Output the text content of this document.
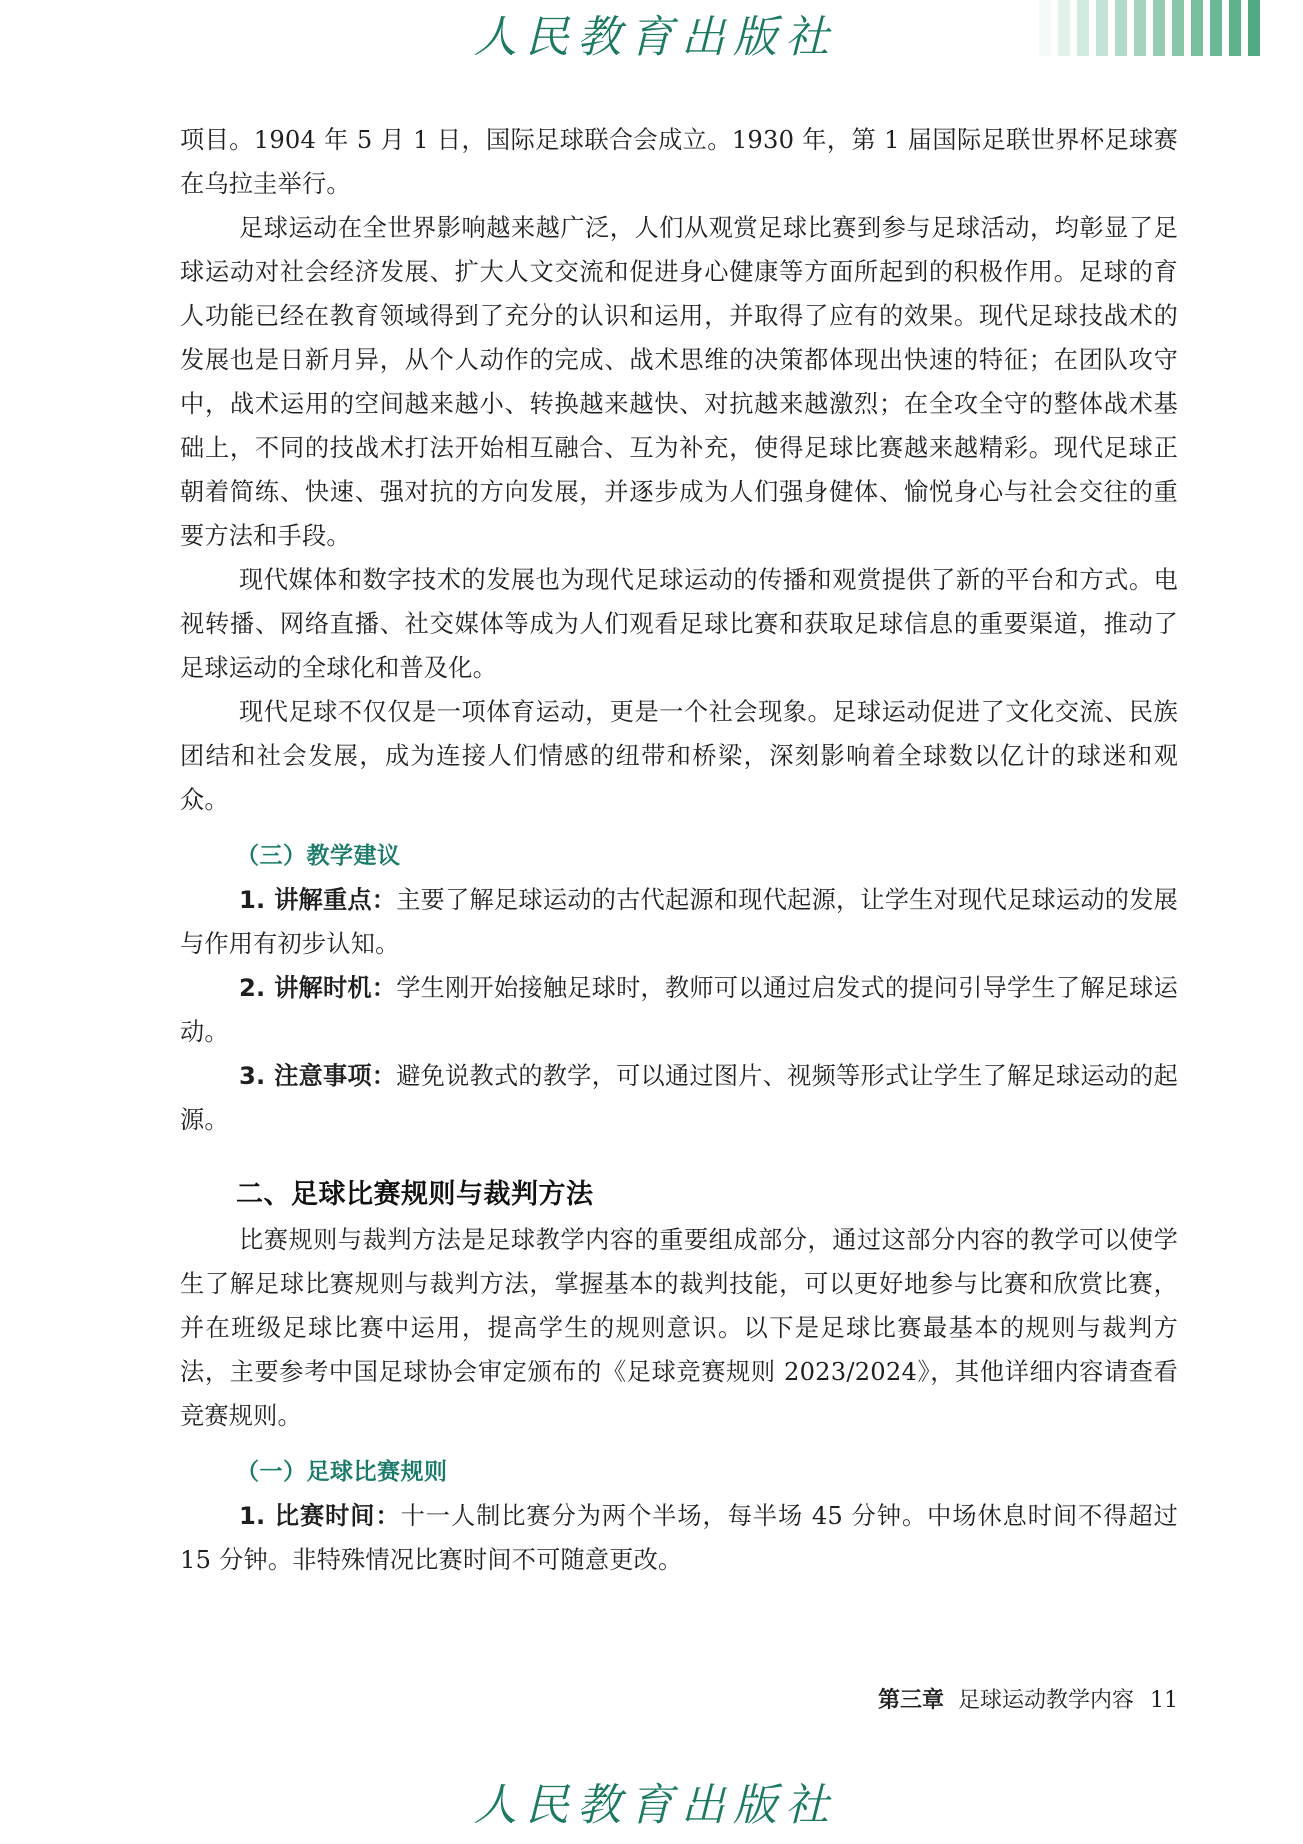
人民教育出版社

项目。1904 年 5 月 1 日，国际足球联合会成立。1930 年，第 1 届国际足联世界杯足球赛在乌拉圭举行。

足球运动在全世界影响越来越广泛，人们从观赏足球比赛到参与足球活动，均彰显了足球运动对社会经济发展、扩大人文交流和促进身心健康等方面所起到的积极作用。足球的育人功能已经在教育领域得到了充分的认识和运用，并取得了应有的效果。现代足球技战术的发展也是日新月异，从个人动作的完成、战术思维的决策都体现出快速的特征；在团队攻守中，战术运用的空间越来越小、转换越来越快、对抗越来越激烈；在全攻全守的整体战术基础上，不同的技战术打法开始相互融合、互为补充，使得足球比赛越来越精彩。现代足球正朝着简练、快速、强对抗的方向发展，并逐步成为人们强身健体、愉悦身心与社会交往的重要方法和手段。

现代媒体和数字技术的发展也为现代足球运动的传播和观赏提供了新的平台和方式。电视转播、网络直播、社交媒体等成为人们观看足球比赛和获取足球信息的重要渠道，推动了足球运动的全球化和普及化。

现代足球不仅仅是一项体育运动，更是一个社会现象。足球运动促进了文化交流、民族团结和社会发展，成为连接人们情感的纽带和桥梁，深刻影响着全球数以亿计的球迷和观众。

（三）教学建议

1. 讲解重点：主要了解足球运动的古代起源和现代起源，让学生对现代足球运动的发展与作用有初步认知。

2. 讲解时机：学生刚开始接触足球时，教师可以通过启发式的提问引导学生了解足球运动。

3. 注意事项：避免说教式的教学，可以通过图片、视频等形式让学生了解足球运动的起源。

二、足球比赛规则与裁判方法

比赛规则与裁判方法是足球教学内容的重要组成部分，通过这部分内容的教学可以使学生了解足球比赛规则与裁判方法，掌握基本的裁判技能，可以更好地参与比赛和欣赏比赛，并在班级足球比赛中运用，提高学生的规则意识。以下是足球比赛最基本的规则与裁判方法，主要参考中国足球协会审定颁布的《足球竞赛规则 2023/2024》，其他详细内容请查看竞赛规则。

（一）足球比赛规则

1. 比赛时间：十一人制比赛分为两个半场，每半场 45 分钟。中场休息时间不得超过 15 分钟。非特殊情况比赛时间不可随意更改。

第三章 足球运动教学内容 11
人民教育出版社
